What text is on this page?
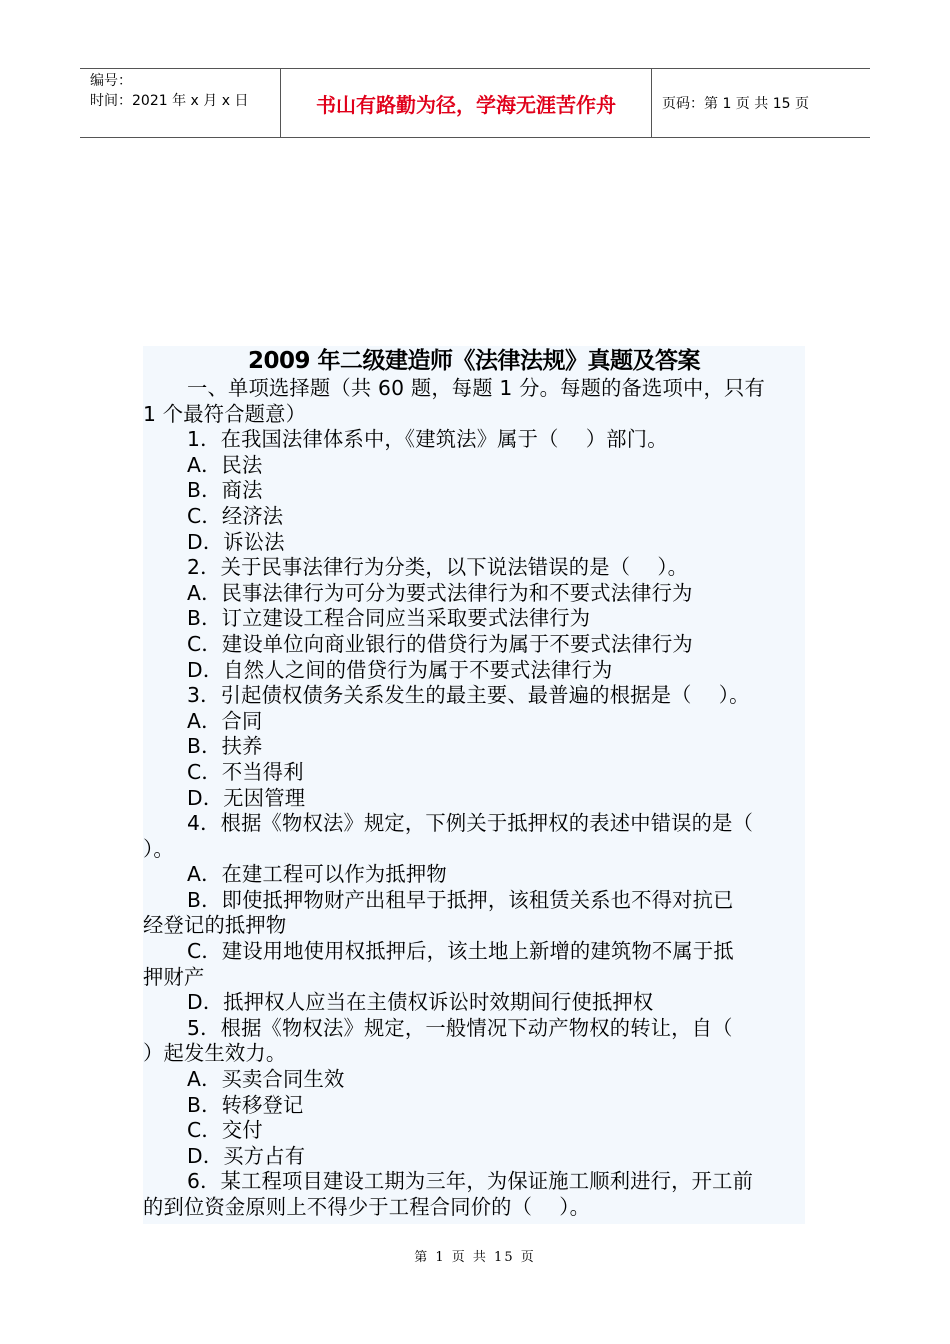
编号：
时间：2021 年 x 月 x 日	书山有路勤为径，学海无涯苦作舟	页码：第 1 页 共 15 页
2009 年二级建造师《法律法规》真题及答案
一、单项选择题（共 60 题，每题 1 分。每题的备选项中，只有
1 个最符合题意）
1．在我国法律体系中，《建筑法》属于（　 ）部门。
A．民法
B．商法
C．经济法
D．诉讼法
2．关于民事法律行为分类，以下说法错误的是（　 ）。
A．民事法律行为可分为要式法律行为和不要式法律行为
B．订立建设工程合同应当采取要式法律行为
C．建设单位向商业银行的借贷行为属于不要式法律行为
D．自然人之间的借贷行为属于不要式法律行为
3．引起债权债务关系发生的最主要、最普遍的根据是（　 ）。
A．合同
B．扶养
C．不当得利
D．无因管理
4．根据《物权法》规定，下例关于抵押权的表述中错误的是（
）。
A．在建工程可以作为抵押物
B．即使抵押物财产出租早于抵押，该租赁关系也不得对抗已
经登记的抵押物
C．建设用地使用权抵押后，该土地上新增的建筑物不属于抵
押财产
D．抵押权人应当在主债权诉讼时效期间行使抵押权
5．根据《物权法》规定，一般情况下动产物权的转让，自（
）起发生效力。
A．买卖合同生效
B．转移登记
C．交付
D．买方占有
6．某工程项目建设工期为三年，为保证施工顺利进行，开工前
的到位资金原则上不得少于工程合同价的（　 ）。
第 1 页 共 15 页
